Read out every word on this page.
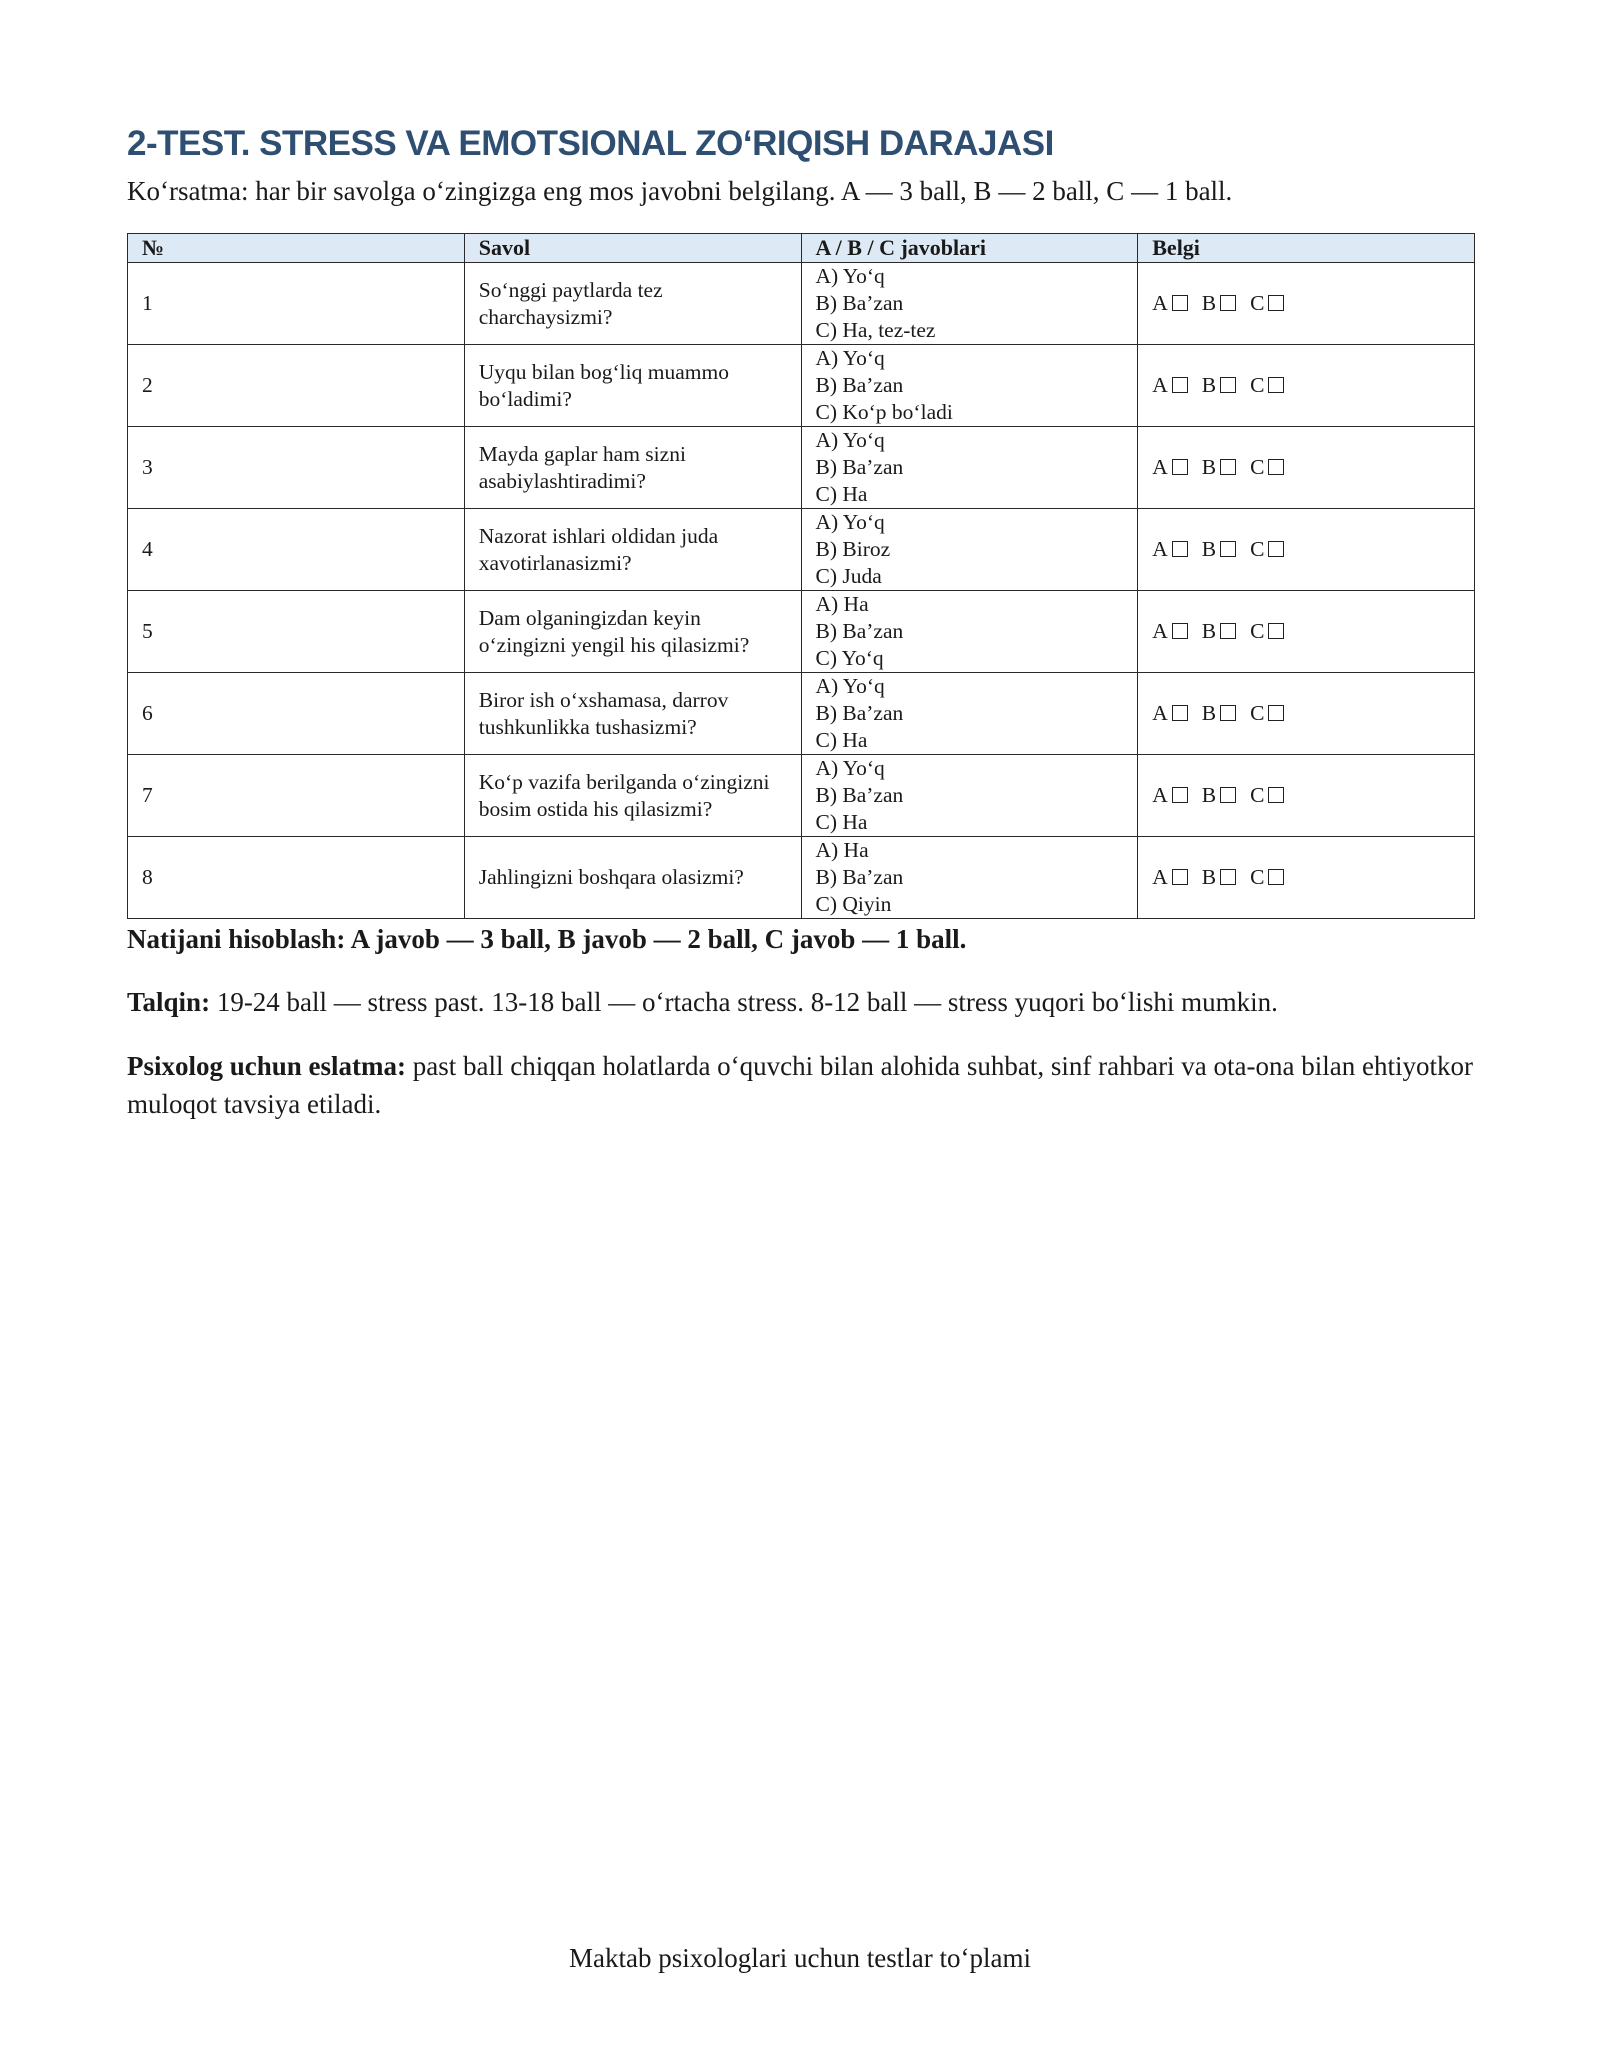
2-TEST. STRESS VA EMOTSIONAL ZO‘RIQISH DARAJASI
Ko‘rsatma: har bir savolga o‘zingizga eng mos javobni belgilang. A — 3 ball, B — 2 ball, C — 1 ball.
№	Savol	A / B / C javoblari	Belgi
1	So‘nggi paytlarda tez charchaysizmi?	A) Yo‘q
B) Ba’zan
C) Ha, tez-tez	A B C
2	Uyqu bilan bog‘liq muammo bo‘ladimi?	A) Yo‘q
B) Ba’zan
C) Ko‘p bo‘ladi	A B C
3	Mayda gaplar ham sizni asabiylashtiradimi?	A) Yo‘q
B) Ba’zan
C) Ha	A B C
4	Nazorat ishlari oldidan juda xavotirlanasizmi?	A) Yo‘q
B) Biroz
C) Juda	A B C
5	Dam olganingizdan keyin o‘zingizni yengil his qilasizmi?	A) Ha
B) Ba’zan
C) Yo‘q	A B C
6	Biror ish o‘xshamasa, darrov tushkunlikka tushasizmi?	A) Yo‘q
B) Ba’zan
C) Ha	A B C
7	Ko‘p vazifa berilganda o‘zingizni bosim ostida his qilasizmi?	A) Yo‘q
B) Ba’zan
C) Ha	A B C
8	Jahlingizni boshqara olasizmi?	A) Ha
B) Ba’zan
C) Qiyin	A B C
Natijani hisoblash: A javob — 3 ball, B javob — 2 ball, C javob — 1 ball.
Talqin: 19-24 ball — stress past. 13-18 ball — o‘rtacha stress. 8-12 ball — stress yuqori bo‘lishi mumkin.
Psixolog uchun eslatma: past ball chiqqan holatlarda o‘quvchi bilan alohida suhbat, sinf rahbari va ota-ona bilan ehtiyotkor muloqot tavsiya etiladi.
Maktab psixologlari uchun testlar to‘plami
